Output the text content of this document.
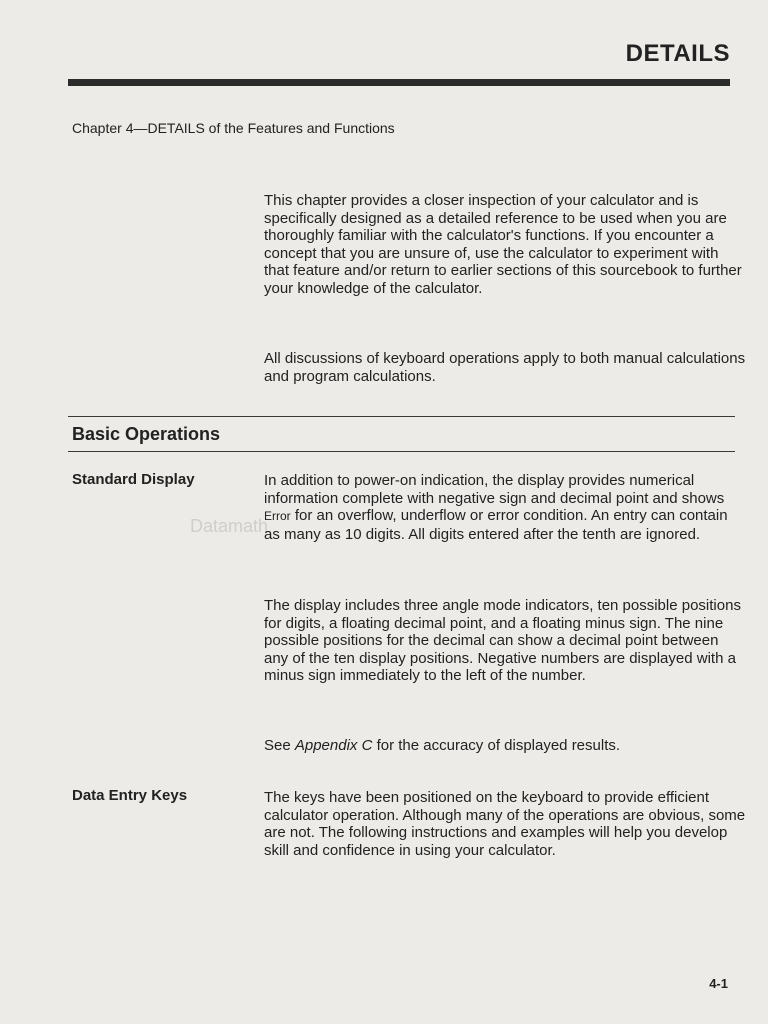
DETAILS
Chapter 4—DETAILS of the Features and Functions

This chapter provides a closer inspection of your calculator and is specifically designed as a detailed reference to be used when you are thoroughly familiar with the calculator's functions. If you encounter a concept that you are unsure of, use the calculator to experiment with that feature and/or return to earlier sections of this sourcebook to further your knowledge of the calculator.

All discussions of keyboard operations apply to both manual calculations and program calculations.

Basic Operations
Datamath
Standard Display	In addition to power-on indication, the display provides numerical information complete with negative sign and decimal point and shows Error for an overflow, underflow or error condition. An entry can contain as many as 10 digits. All digits entered after the tenth are ignored.

The display includes three angle mode indicators, ten possible positions for digits, a floating decimal point, and a floating minus sign. The nine possible positions for the decimal can show a decimal point between any of the ten display positions. Negative numbers are displayed with a minus sign immediately to the left of the number.

See Appendix C for the accuracy of displayed results.

Data Entry Keys	The keys have been positioned on the keyboard to provide efficient calculator operation. Although many of the operations are obvious, some are not. The following instructions and examples will help you develop skill and confidence in using your calculator.

4-1
